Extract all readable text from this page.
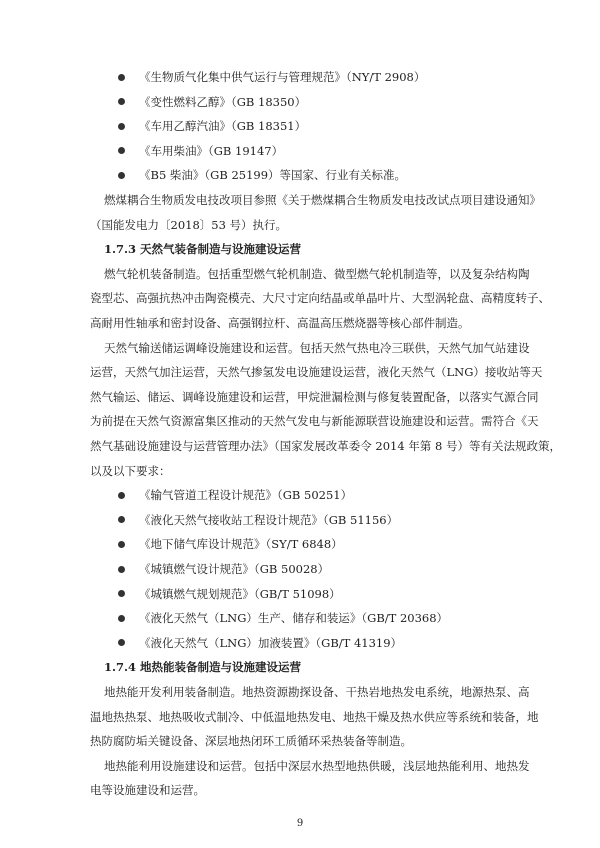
《生物质气化集中供气运行与管理规范》（NY/T 2908）
《变性燃料乙醇》（GB 18350）
《车用乙醇汽油》（GB 18351）
《车用柴油》（GB 19147）
《B5 柴油》（GB 25199）等国家、行业有关标准。
燃煤耦合生物质发电技改项目参照《关于燃煤耦合生物质发电技改试点项目建设通知》
（国能发电力〔2018〕53 号）执行。
1.7.3 天然气装备制造与设施建设运营
燃气轮机装备制造。包括重型燃气轮机制造、微型燃气轮机制造等，以及复杂结构陶
瓷型芯、高强抗热冲击陶瓷模壳、大尺寸定向结晶或单晶叶片、大型涡轮盘、高精度转子、
高耐用性轴承和密封设备、高强钢拉杆、高温高压燃烧器等核心部件制造。
天然气输送储运调峰设施建设和运营。包括天然气热电冷三联供，天然气加气站建设
运营，天然气加注运营，天然气掺氢发电设施建设运营，液化天然气（LNG）接收站等天
然气输运、储运、调峰设施建设和运营，甲烷泄漏检测与修复装置配备，以落实气源合同
为前提在天然气资源富集区推动的天然气发电与新能源联营设施建设和运营。需符合《天
然气基础设施建设与运营管理办法》（国家发展改革委令 2014 年第 8 号）等有关法规政策，
以及以下要求：
《输气管道工程设计规范》（GB 50251）
《液化天然气接收站工程设计规范》（GB 51156）
《地下储气库设计规范》（SY/T 6848）
《城镇燃气设计规范》（GB 50028）
《城镇燃气规划规范》（GB/T 51098）
《液化天然气（LNG）生产、储存和装运》（GB/T 20368）
《液化天然气（LNG）加液装置》（GB/T 41319）
1.7.4 地热能装备制造与设施建设运营
地热能开发利用装备制造。地热资源勘探设备、干热岩地热发电系统，地源热泵、高
温地热热泵、地热吸收式制冷、中低温地热发电、地热干燥及热水供应等系统和装备，地
热防腐防垢关键设备、深层地热闭环工质循环采热装备等制造。
地热能利用设施建设和运营。包括中深层水热型地热供暖，浅层地热能利用、地热发
电等设施建设和运营。
9
